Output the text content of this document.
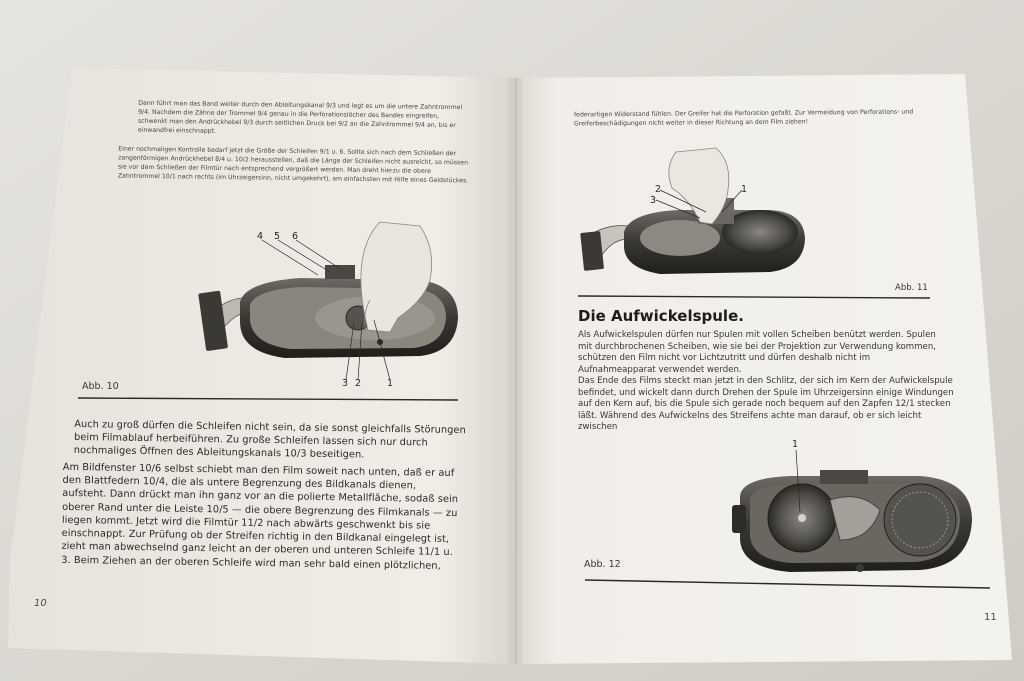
Dann führt man das Band weiter durch den Ableitungskanal 9/3 und legt es um die untere Zahntrommel 9/4. Nachdem die Zähne der Trommel 9/4 genau in die Perforationslöcher des Bandes eingreifen, schwenkt man den Andrückhebel 9/3 durch seitlichen Druck bei 9/2 an die Zahntrommel 9/4 an, bis er einwandfrei einschnappt.

Einer nochmaligen Kontrolle bedarf jetzt die Größe der Schleifen 9/1 u. 6. Sollte sich nach dem Schließen der zangenförmigen Andrückhebel 8/4 u. 10/2 herausstellen, daß die Länge der Schleifen nicht ausreicht, so müssen sie vor dem Schließen der Filmtür nach entsprechend vergrößert werden. Man dreht hierzu die obere Zahntrommel 10/1 nach rechts (im Uhrzeigersinn, nicht umgekehrt), am einfachsten mit Hilfe eines Geldstückes.

4 5 6
3 2	1
Abb. 10

Auch zu groß dürfen die Schleifen nicht sein, da sie sonst gleichfalls Störungen beim Filmablauf herbeiführen. Zu große Schleifen lassen sich nur durch nochmaliges Öffnen des Ableitungskanals 10/3 beseitigen.

Am Bildfenster 10/6 selbst schiebt man den Film soweit nach unten, daß er auf den Blattfedern 10/4, die als untere Begrenzung des Bildkanals dienen, aufsteht. Dann drückt man ihn ganz vor an die polierte Metallfläche, sodaß sein oberer Rand unter die Leiste 10/5 — die obere Begrenzung des Filmkanals — zu liegen kommt. Jetzt wird die Filmtür 11/2 nach abwärts geschwenkt bis sie einschnappt. Zur Prüfung ob der Streifen richtig in den Bildkanal eingelegt ist, zieht man abwechselnd ganz leicht an der oberen und unteren Schleife 11/1 u. 3. Beim Ziehen an der oberen Schleife wird man sehr bald einen plötzlichen,

10

federartigen Widerstand fühlen. Der Greifer hat die Perforation gefaßt. Zur Vermeidung von Perforations- und Greiferbeschädigungen nicht weiter in dieser Richtung an dem Film ziehen!

2
3
1
Abb. 11
Die Aufwickelspule.

Als Aufwickelspulen dürfen nur Spulen mit vollen Scheiben benützt werden. Spulen mit durchbrochenen Scheiben, wie sie bei der Projektion zur Verwendung kommen, schützen den Film nicht vor Lichtzutritt und dürfen deshalb nicht im Aufnahmeapparat verwendet werden.

Das Ende des Films steckt man jetzt in den Schlitz, der sich im Kern der Aufwickelspule befindet, und wickelt dann durch Drehen der Spule im Uhrzeigersinn einige Windungen auf den Kern auf, bis die Spule sich gerade noch bequem auf den Zapfen 12/1 stecken läßt. Während des Aufwickelns des Streifens achte man darauf, ob er sich leicht zwischen

1
Abb. 12
11
